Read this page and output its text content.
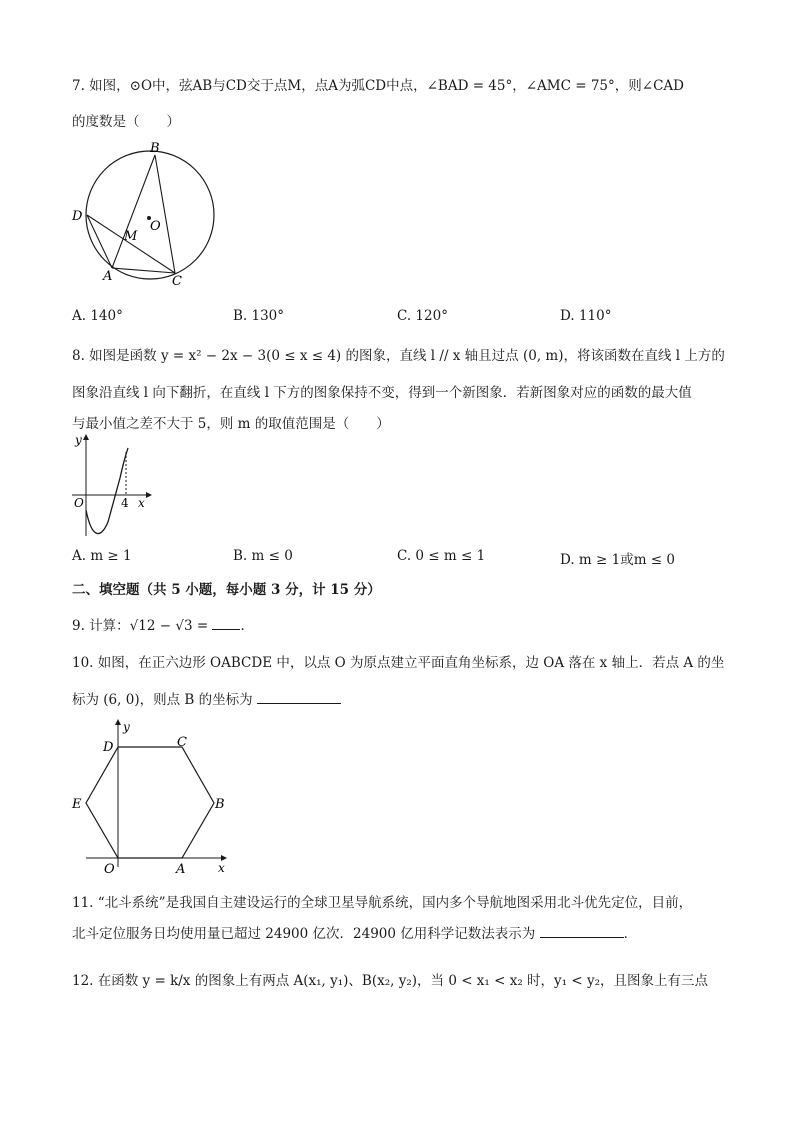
7. 如图，⊙O中，弦AB与CD交于点M，点A为弧CD中点，∠BAD = 45°，∠AMC = 75°，则∠CAD
的度数是（　　）
B
D
O
M
A	C
A. 140°	B. 130°	C. 120°	D. 110°
8. 如图是函数 y = x² − 2x − 3(0 ≤ x ≤ 4) 的图象，直线 l // x 轴且过点 (0, m)，将该函数在直线 l 上方的
图象沿直线 l 向下翻折，在直线 l 下方的图象保持不变，得到一个新图象．若新图象对应的函数的最大值
与最小值之差不大于 5，则 m 的取值范围是（　　）
y
O	4 x
A. m ≥ 1	B. m ≤ 0	C. 0 ≤ m ≤ 1	D. m ≥ 1或m ≤ 0
二、填空题（共 5 小题，每小题 3 分，计 15 分）
9. 计算：√12 − √3 = ．
10. 如图，在正六边形 OABCDE 中，以点 O 为原点建立平面直角坐标系，边 OA 落在 x 轴上．若点 A 的坐
标为 (6, 0)，则点 B 的坐标为
y
D	C
E	B
O	A	x
11. “北斗系统”是我国自主建设运行的全球卫星导航系统，国内多个导航地图采用北斗优先定位，目前，
北斗定位服务日均使用量已超过 24900 亿次．24900 亿用科学记数法表示为	．
12. 在函数 y = k/x 的图象上有两点 A(x₁, y₁)、B(x₂, y₂)，当 0 < x₁ < x₂ 时，y₁ < y₂，且图象上有三点
